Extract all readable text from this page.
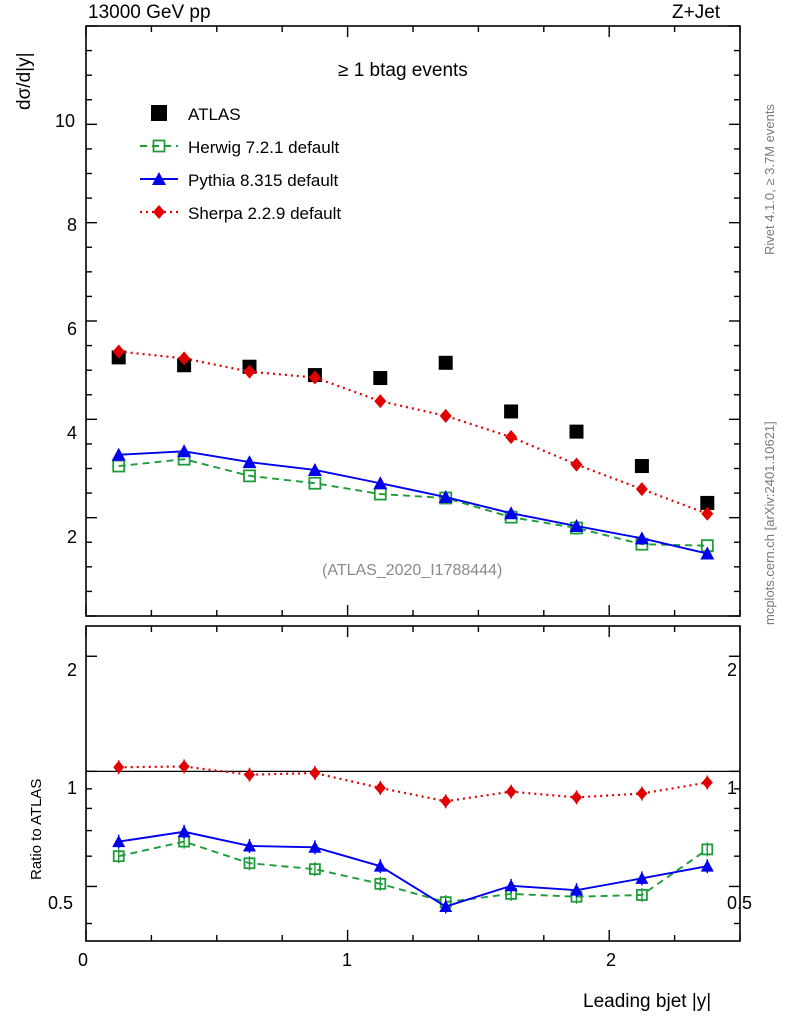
13000 GeV pp	Z+Jet
Rivet 4.1.0, ≥ 3.7M events
mcplots.cern.ch [arXiv:2401.10621]
dσ/d|y|
Ratio to ATLAS
Leading bjet |y|
≥ 1 btag events
(ATLAS_2020_I1788444)
ATLAS
Herwig 7.2.1 default
Pythia 8.315 default
Sherpa 2.2.9 default
10
8
6
4
2
2
1
0.5
2
1
0.5
0	1	2
